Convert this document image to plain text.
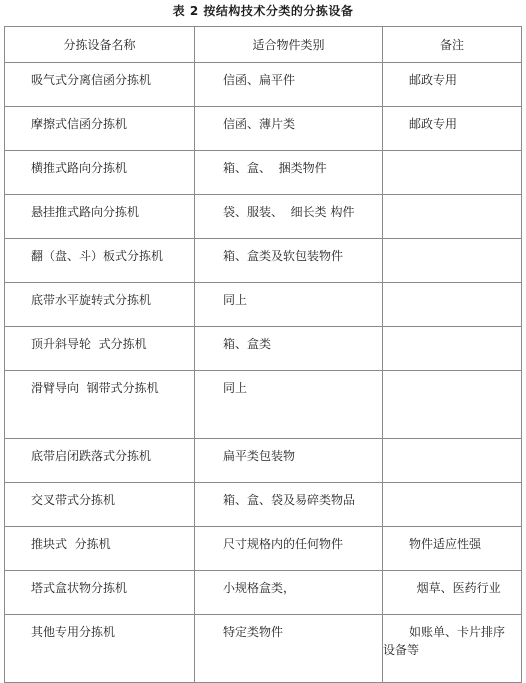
表 2 按结构技术分类的分拣设备
分拣设备名称	适合物件类别	备注
吸气式分离信函分拣机	信函、扁平件	邮政专用
摩擦式信函分拣机	信函、薄片类	邮政专用
横推式路向分拣机	箱、盒、  捆类物件	
悬挂推式路向分拣机	袋、服装、  细长类 构件	
翻（盘、斗）板式分拣机	箱、盒类及软包装物件	
底带水平旋转式分拣机	同上	
顶升斜导轮  式分拣机	箱、盒类	
滑臂导向  钢带式分拣机	同上	
底带启闭跌落式分拣机	扁平类包装物	
交叉带式分拣机	箱、盒、袋及易碎类物品	
推块式  分拣机	尺寸规格内的任何物件	物件适应性强
塔式盒状物分拣机	小规格盒类，	烟草、医药行业
其他专用分拣机	特定类物件	如账单、卡片排序
设备等
